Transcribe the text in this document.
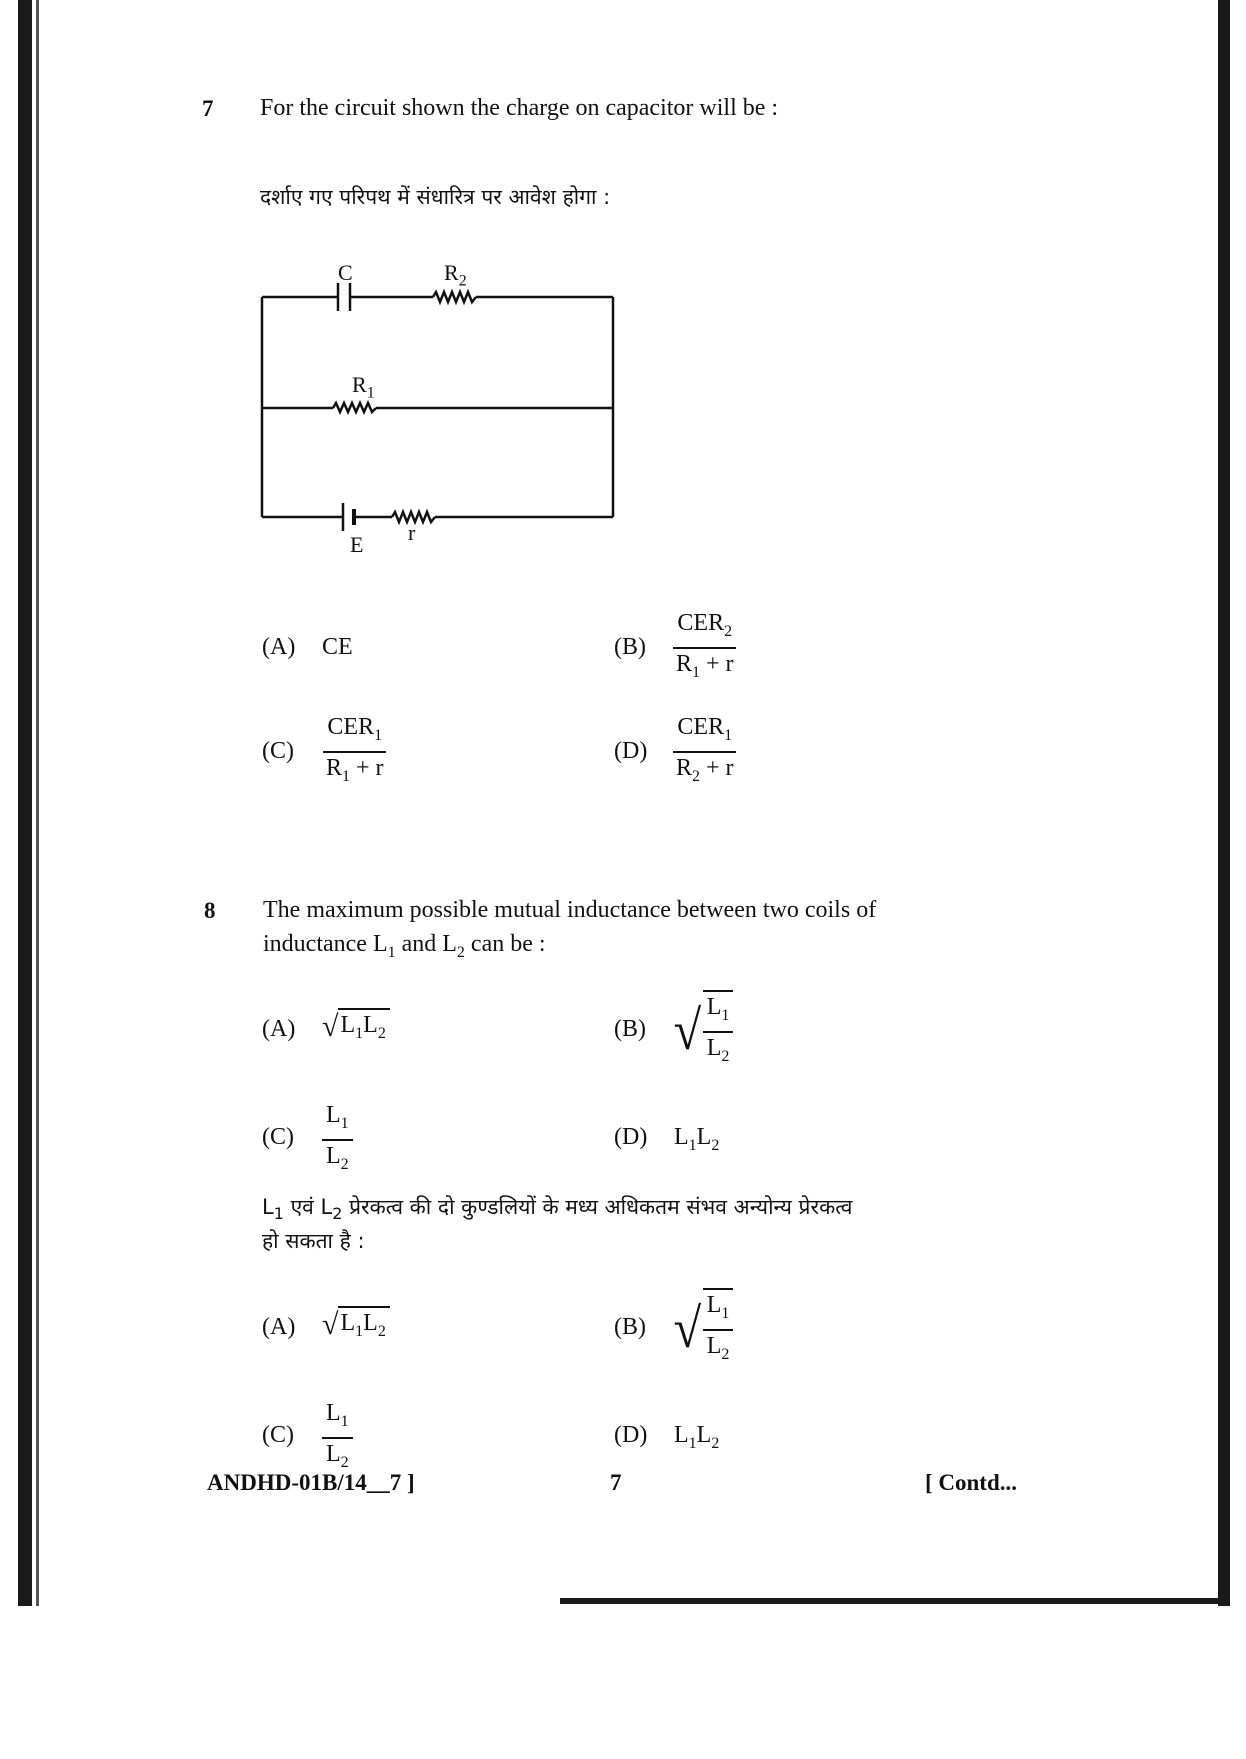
7 For the circuit shown the charge on capacitor will be :
दर्शाए गए परिपथ में संधारित्र पर आवेश होगा :
C	$R_2$
$R_1$
E r
(A) CE	(B)
$CER_2$
$R_1 + r$
(C)
$CER_1$
$R_1 + r$
(D)
$CER_1$
$R_2 + r$
8 The maximum possible mutual inductance between two coils of
inductance $L_1$ and $L_2$ can be :
(A) √ $L_1L_2$	(B) √ $\frac{L_1}{L_2}$
$(C) \frac{L_1}{L_2}$	(D) $L_1L_2$
$L_1$ एवं $L_2$ प्रेरकत्व की दो कुण्डलियों के मध्य अधिकतम संभव अन्योन्य प्रेरकत्व
हो सकता है :
(A) √ $L_1L_2$	(B) √ $\frac{L_1}{L_2}$
$(C) \frac{L_1}{L_2}$	(D) $L_1L_2$
ANDHD-01B/14__7 ]	7	[ Contd...
